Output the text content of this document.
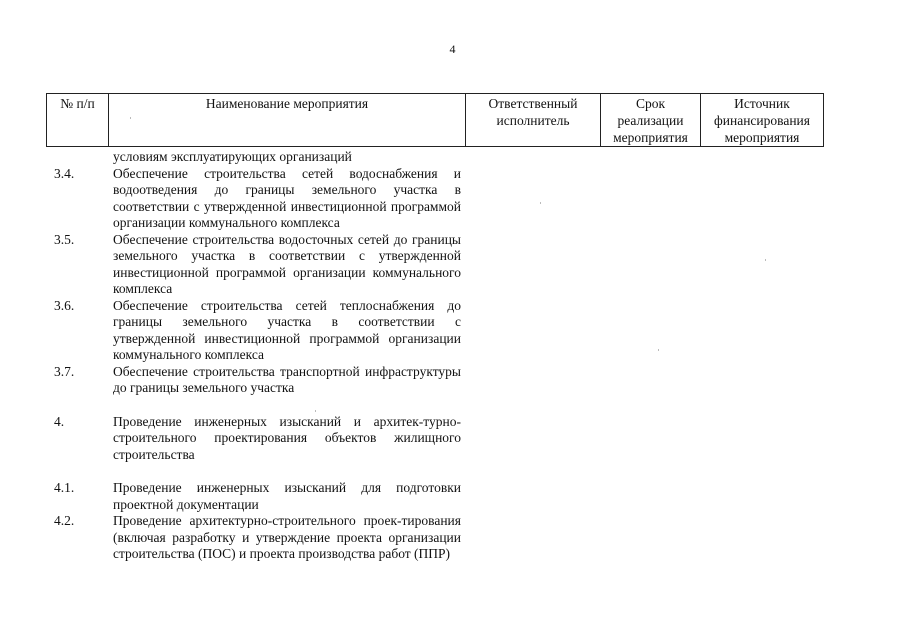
4
№ п/п	Наименование мероприятия	Ответственный исполнитель	Срок реализации мероприятия	Источник финансирования мероприятия
условиям эксплуатирующих организаций
3.4.	Обеспечение строительства сетей водоснабжения и водоотведения до границы земельного участка в соответствии с утвержденной инвестиционной программой организации коммунального комплекса
3.5.	Обеспечение строительства водосточных сетей до границы земельного участка в соответствии с утвержденной инвестиционной программой организации коммунального комплекса
3.6.	Обеспечение строительства сетей теплоснабжения до границы земельного участка в соответствии с утвержденной инвестиционной программой организации коммунального комплекса
3.7.	Обеспечение строительства транспортной инфраструктуры до границы земельного участка
4.	Проведение инженерных изысканий и архитек-турно-строительного проектирования объектов жилищного строительства
4.1.	Проведение инженерных изысканий для подготовки проектной документации
4.2.	Проведение архитектурно-строительного проек-тирования (включая разработку и утверждение проекта организации строительства (ПОС) и проекта производства работ (ППР)
